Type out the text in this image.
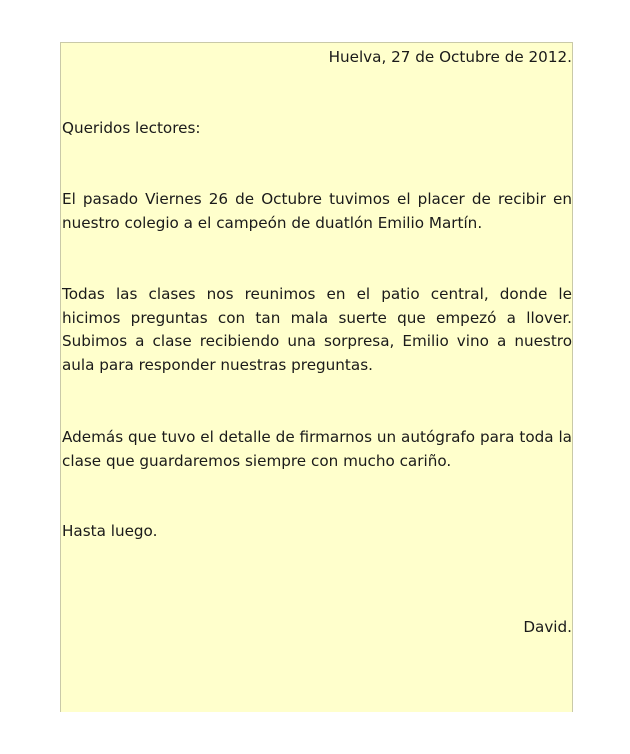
Huelva, 27 de Octubre de 2012.

Queridos lectores:

El pasado Viernes 26 de Octubre tuvimos el placer de recibir en nuestro colegio a el campeón de duatlón Emilio Martín.

Todas las clases nos reunimos en el patio central, donde le hicimos preguntas con tan mala suerte que empezó a llover. Subimos a clase recibiendo una sorpresa, Emilio vino a nuestro aula para responder nuestras preguntas.

Además que tuvo el detalle de firmarnos un autógrafo para toda la clase que guardaremos siempre con mucho cariño.

Hasta luego.

David.
